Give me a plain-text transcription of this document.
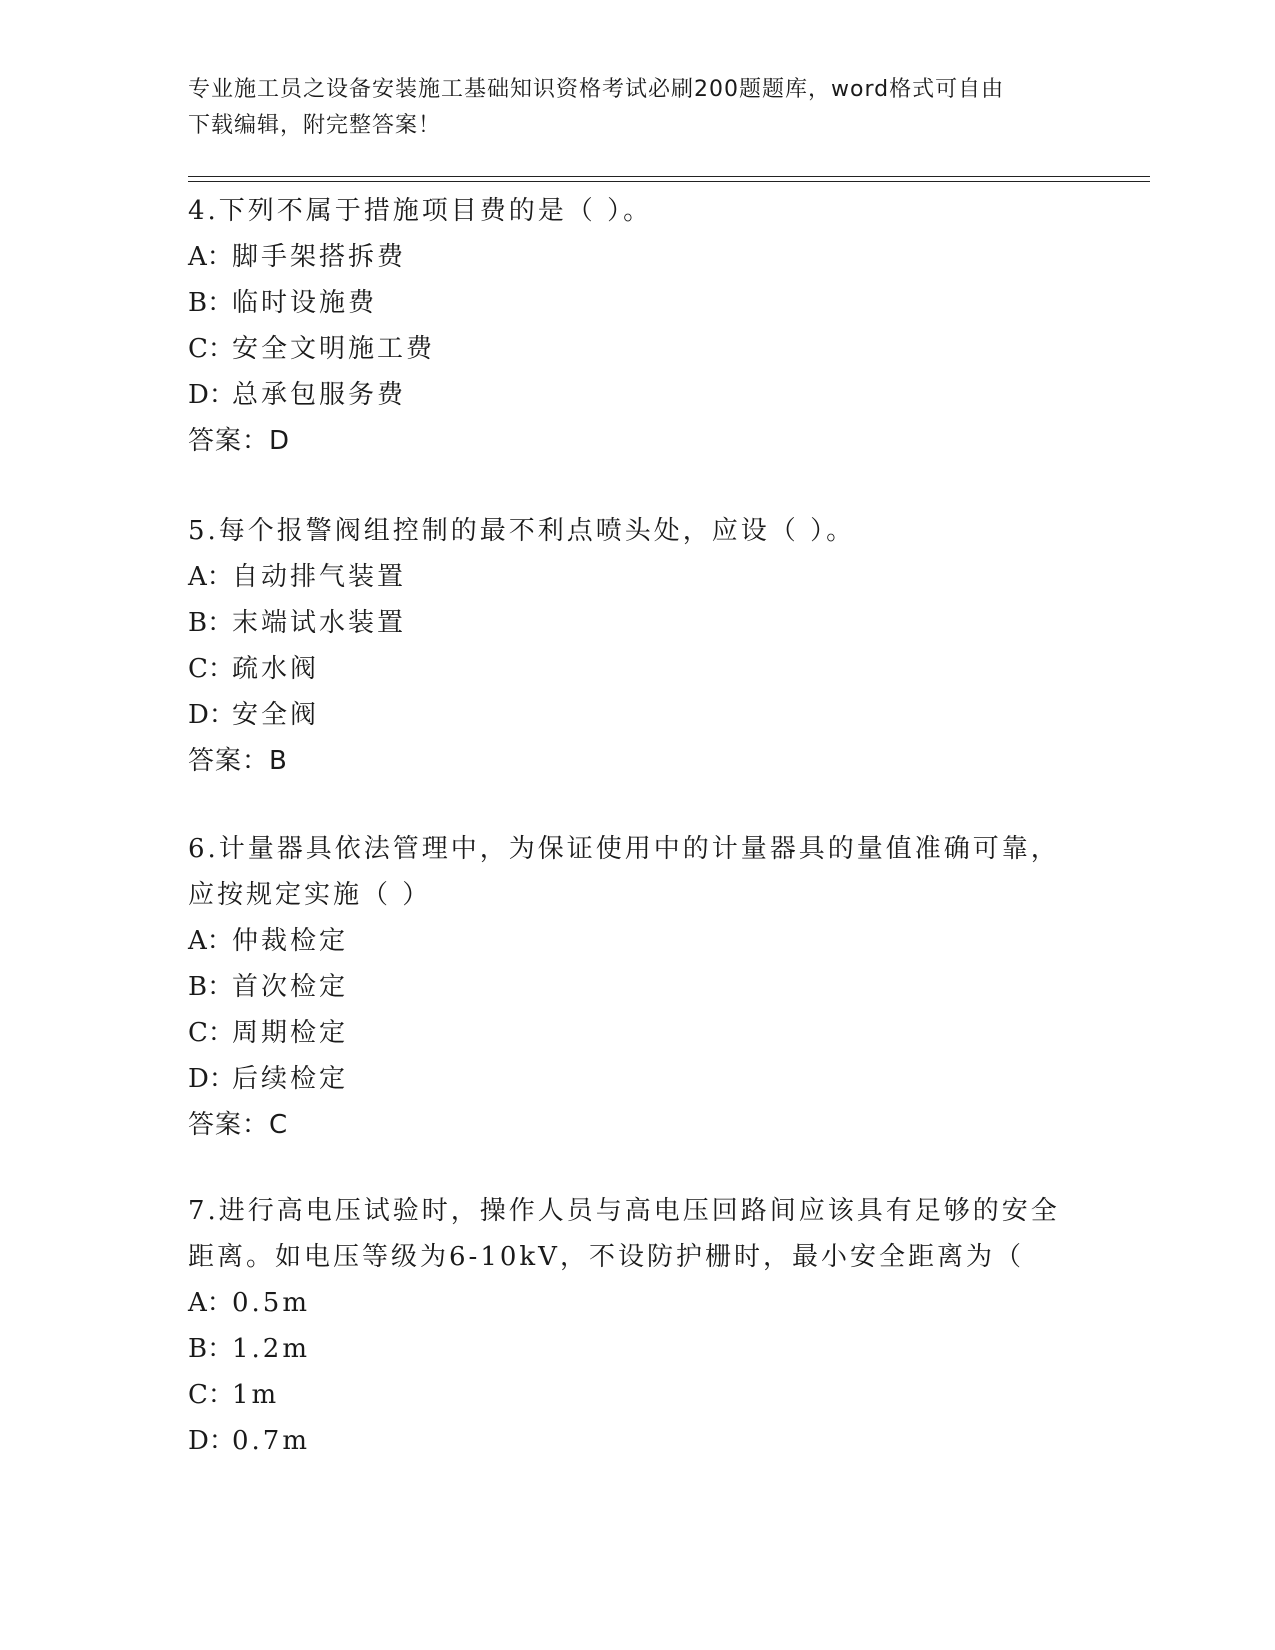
专业施工员之设备安装施工基础知识资格考试必刷200题题库，word格式可自由
下载编辑，附完整答案！
4.下列不属于措施项目费的是（ ）。
A：脚手架搭拆费
B：临时设施费
C：安全文明施工费
D：总承包服务费
答案：D
5.每个报警阀组控制的最不利点喷头处，应设（ ）。
A：自动排气装置
B：末端试水装置
C：疏水阀
D：安全阀
答案：B
6.计量器具依法管理中，为保证使用中的计量器具的量值准确可靠，
应按规定实施（ ）
A：仲裁检定
B：首次检定
C：周期检定
D：后续检定
答案：C
7.进行高电压试验时，操作人员与高电压回路间应该具有足够的安全
距离。如电压等级为6-10kV，不设防护栅时，最小安全距离为（
A：0.5m
B：1.2m
C：1m
D：0.7m
